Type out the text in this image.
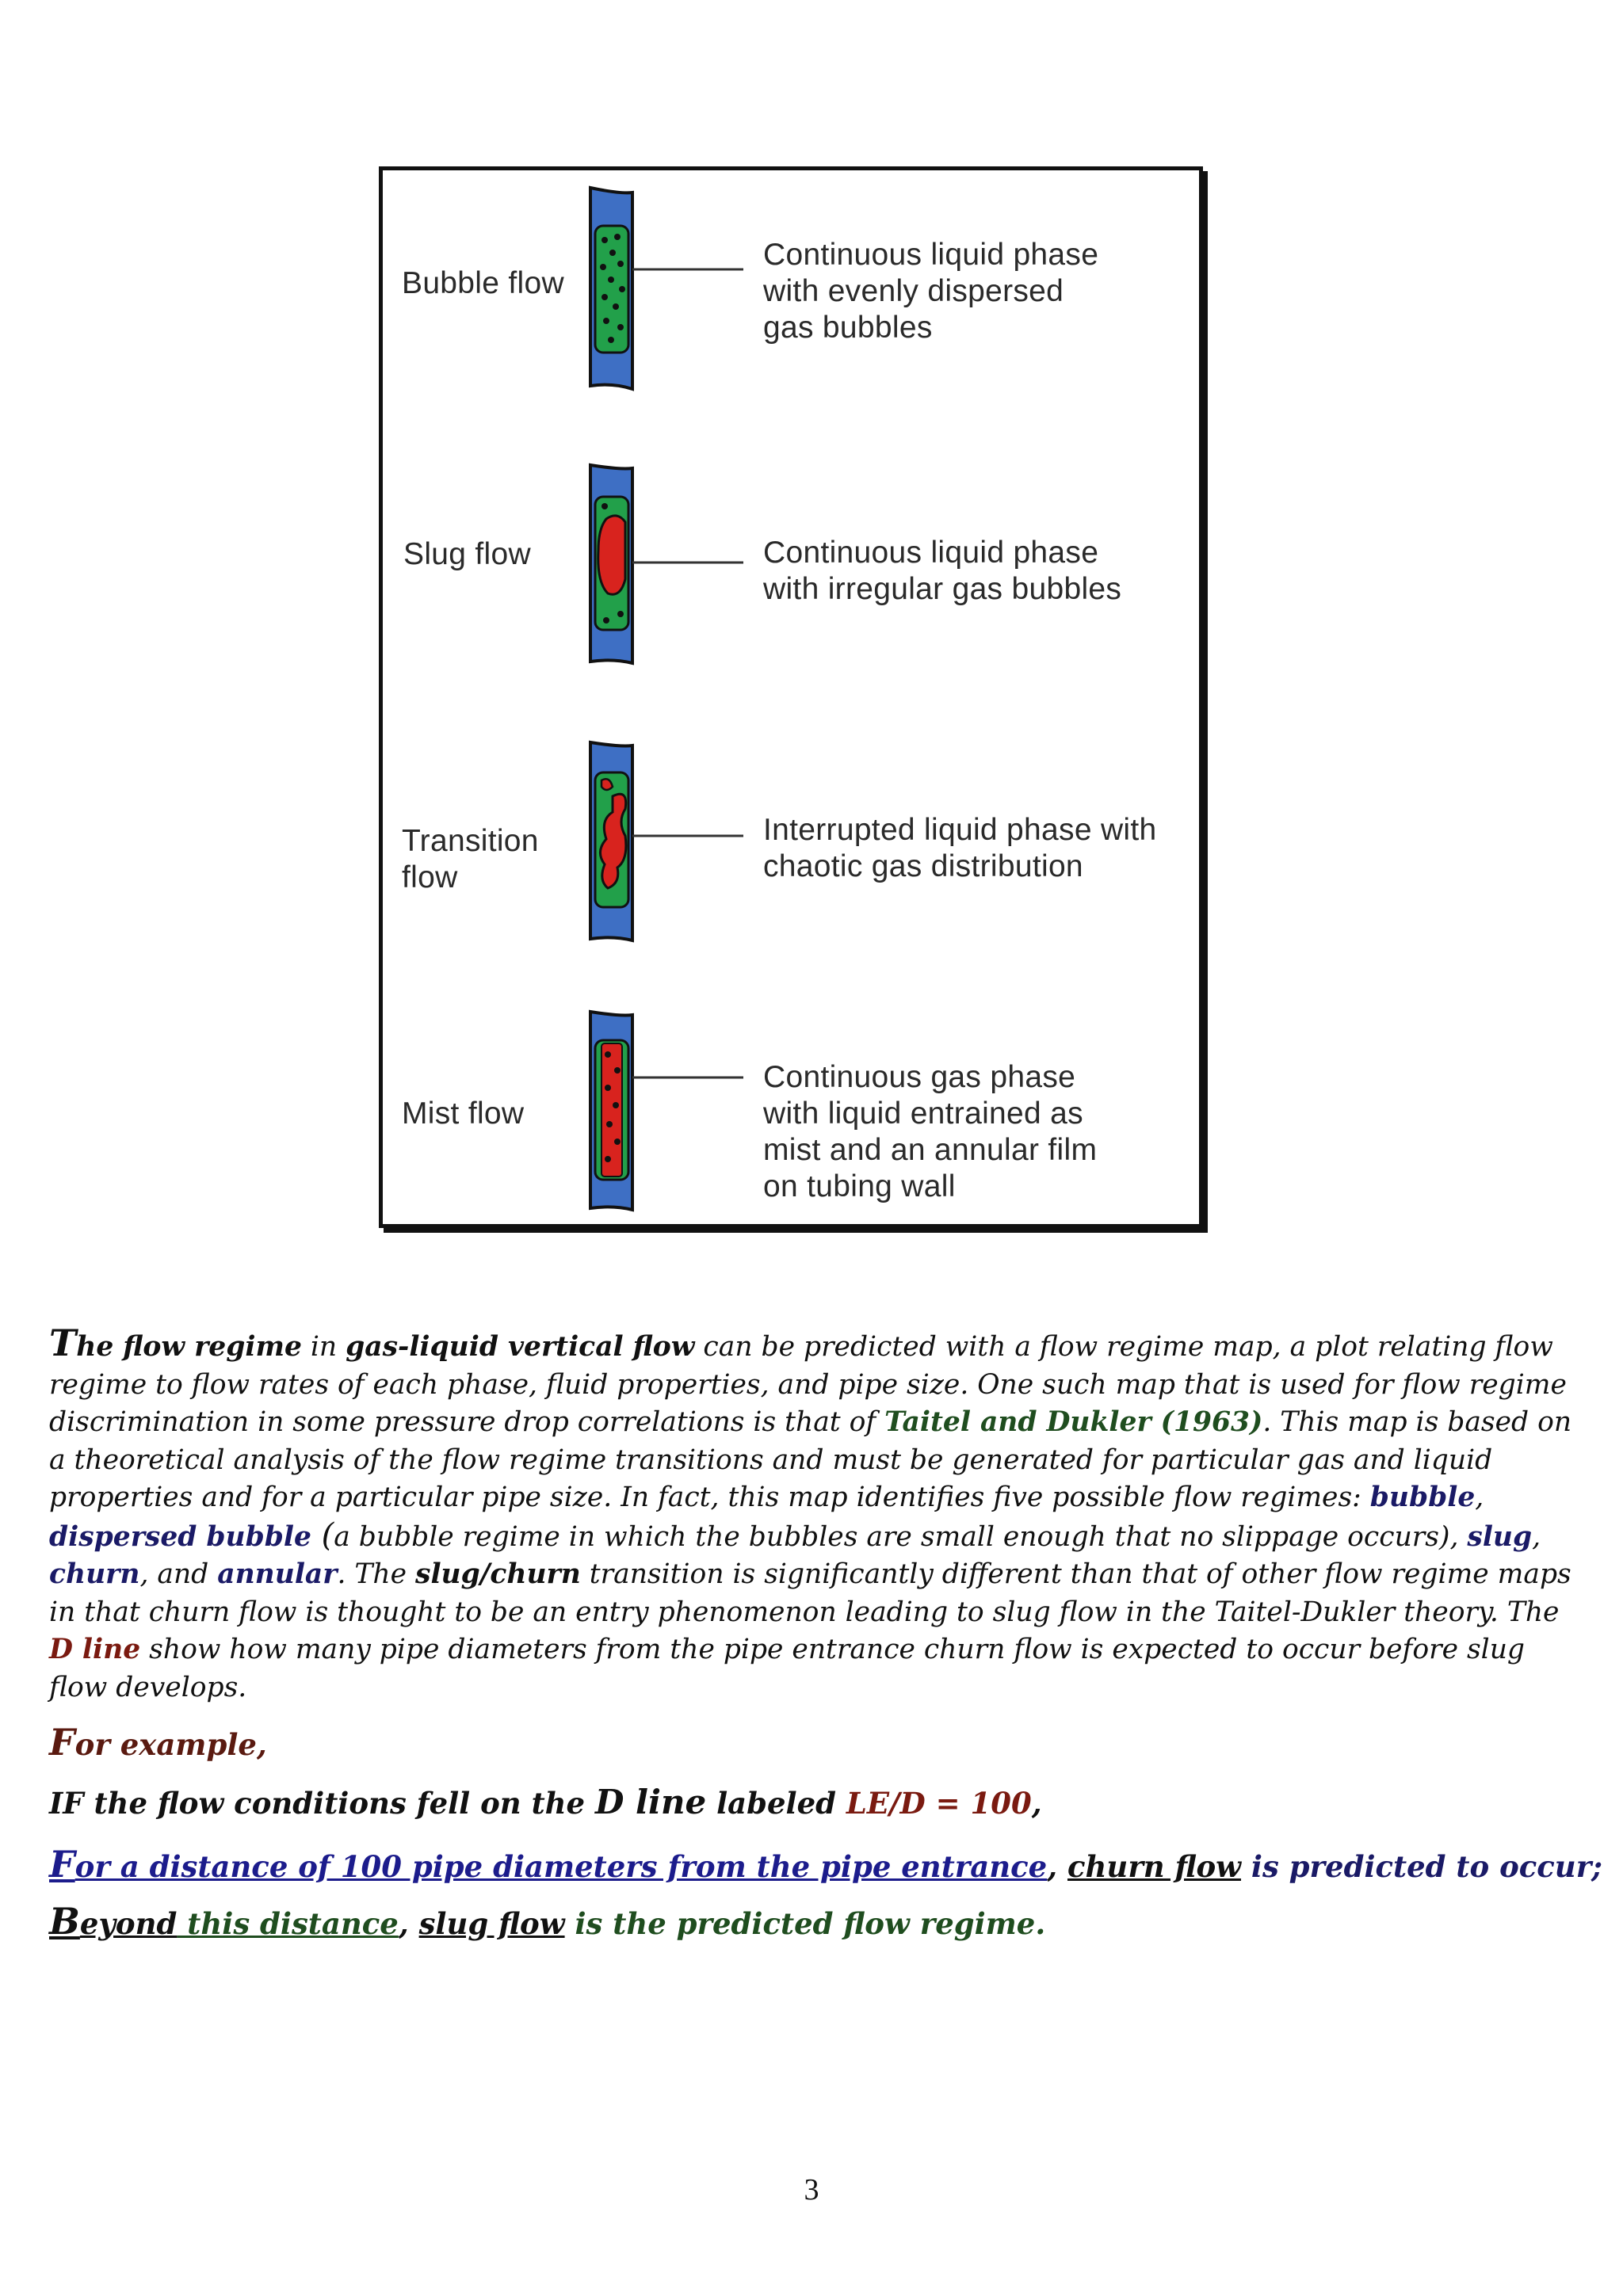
Bubble flow
Continuous liquid phase
with evenly dispersed
gas bubbles
Slug flow	Continuous liquid phase
with irregular gas bubbles
Transition
flow
Interrupted liquid phase with
chaotic gas distribution
Mist flow
Continuous gas phase
with liquid entrained as
mist and an annular film
on tubing wall
The flow regime in gas-liquid vertical flow can be predicted with a flow regime map, a plot relating flow regime to flow rates of each phase, fluid properties, and pipe size. One such map that is used for flow regime discrimination in some pressure drop correlations is that of Taitel and Dukler (1963). This map is based on a theoretical analysis of the flow regime transitions and must be generated for particular gas and liquid properties and for a particular pipe size. In fact, this map identifies five possible flow regimes: bubble, dispersed bubble (a bubble regime in which the bubbles are small enough that no slippage occurs), slug, churn, and annular. The slug/churn transition is significantly different than that of other flow regime maps in that churn flow is thought to be an entry phenomenon leading to slug flow in the Taitel-Dukler theory. The D line show how many pipe diameters from the pipe entrance churn flow is expected to occur before slug flow develops.
For example,
IF the flow conditions fell on the D line labeled LE/D = 100,
For a distance of 100 pipe diameters from the pipe entrance, churn flow is predicted to occur;
Beyond this distance, slug flow is the predicted flow regime.
3
